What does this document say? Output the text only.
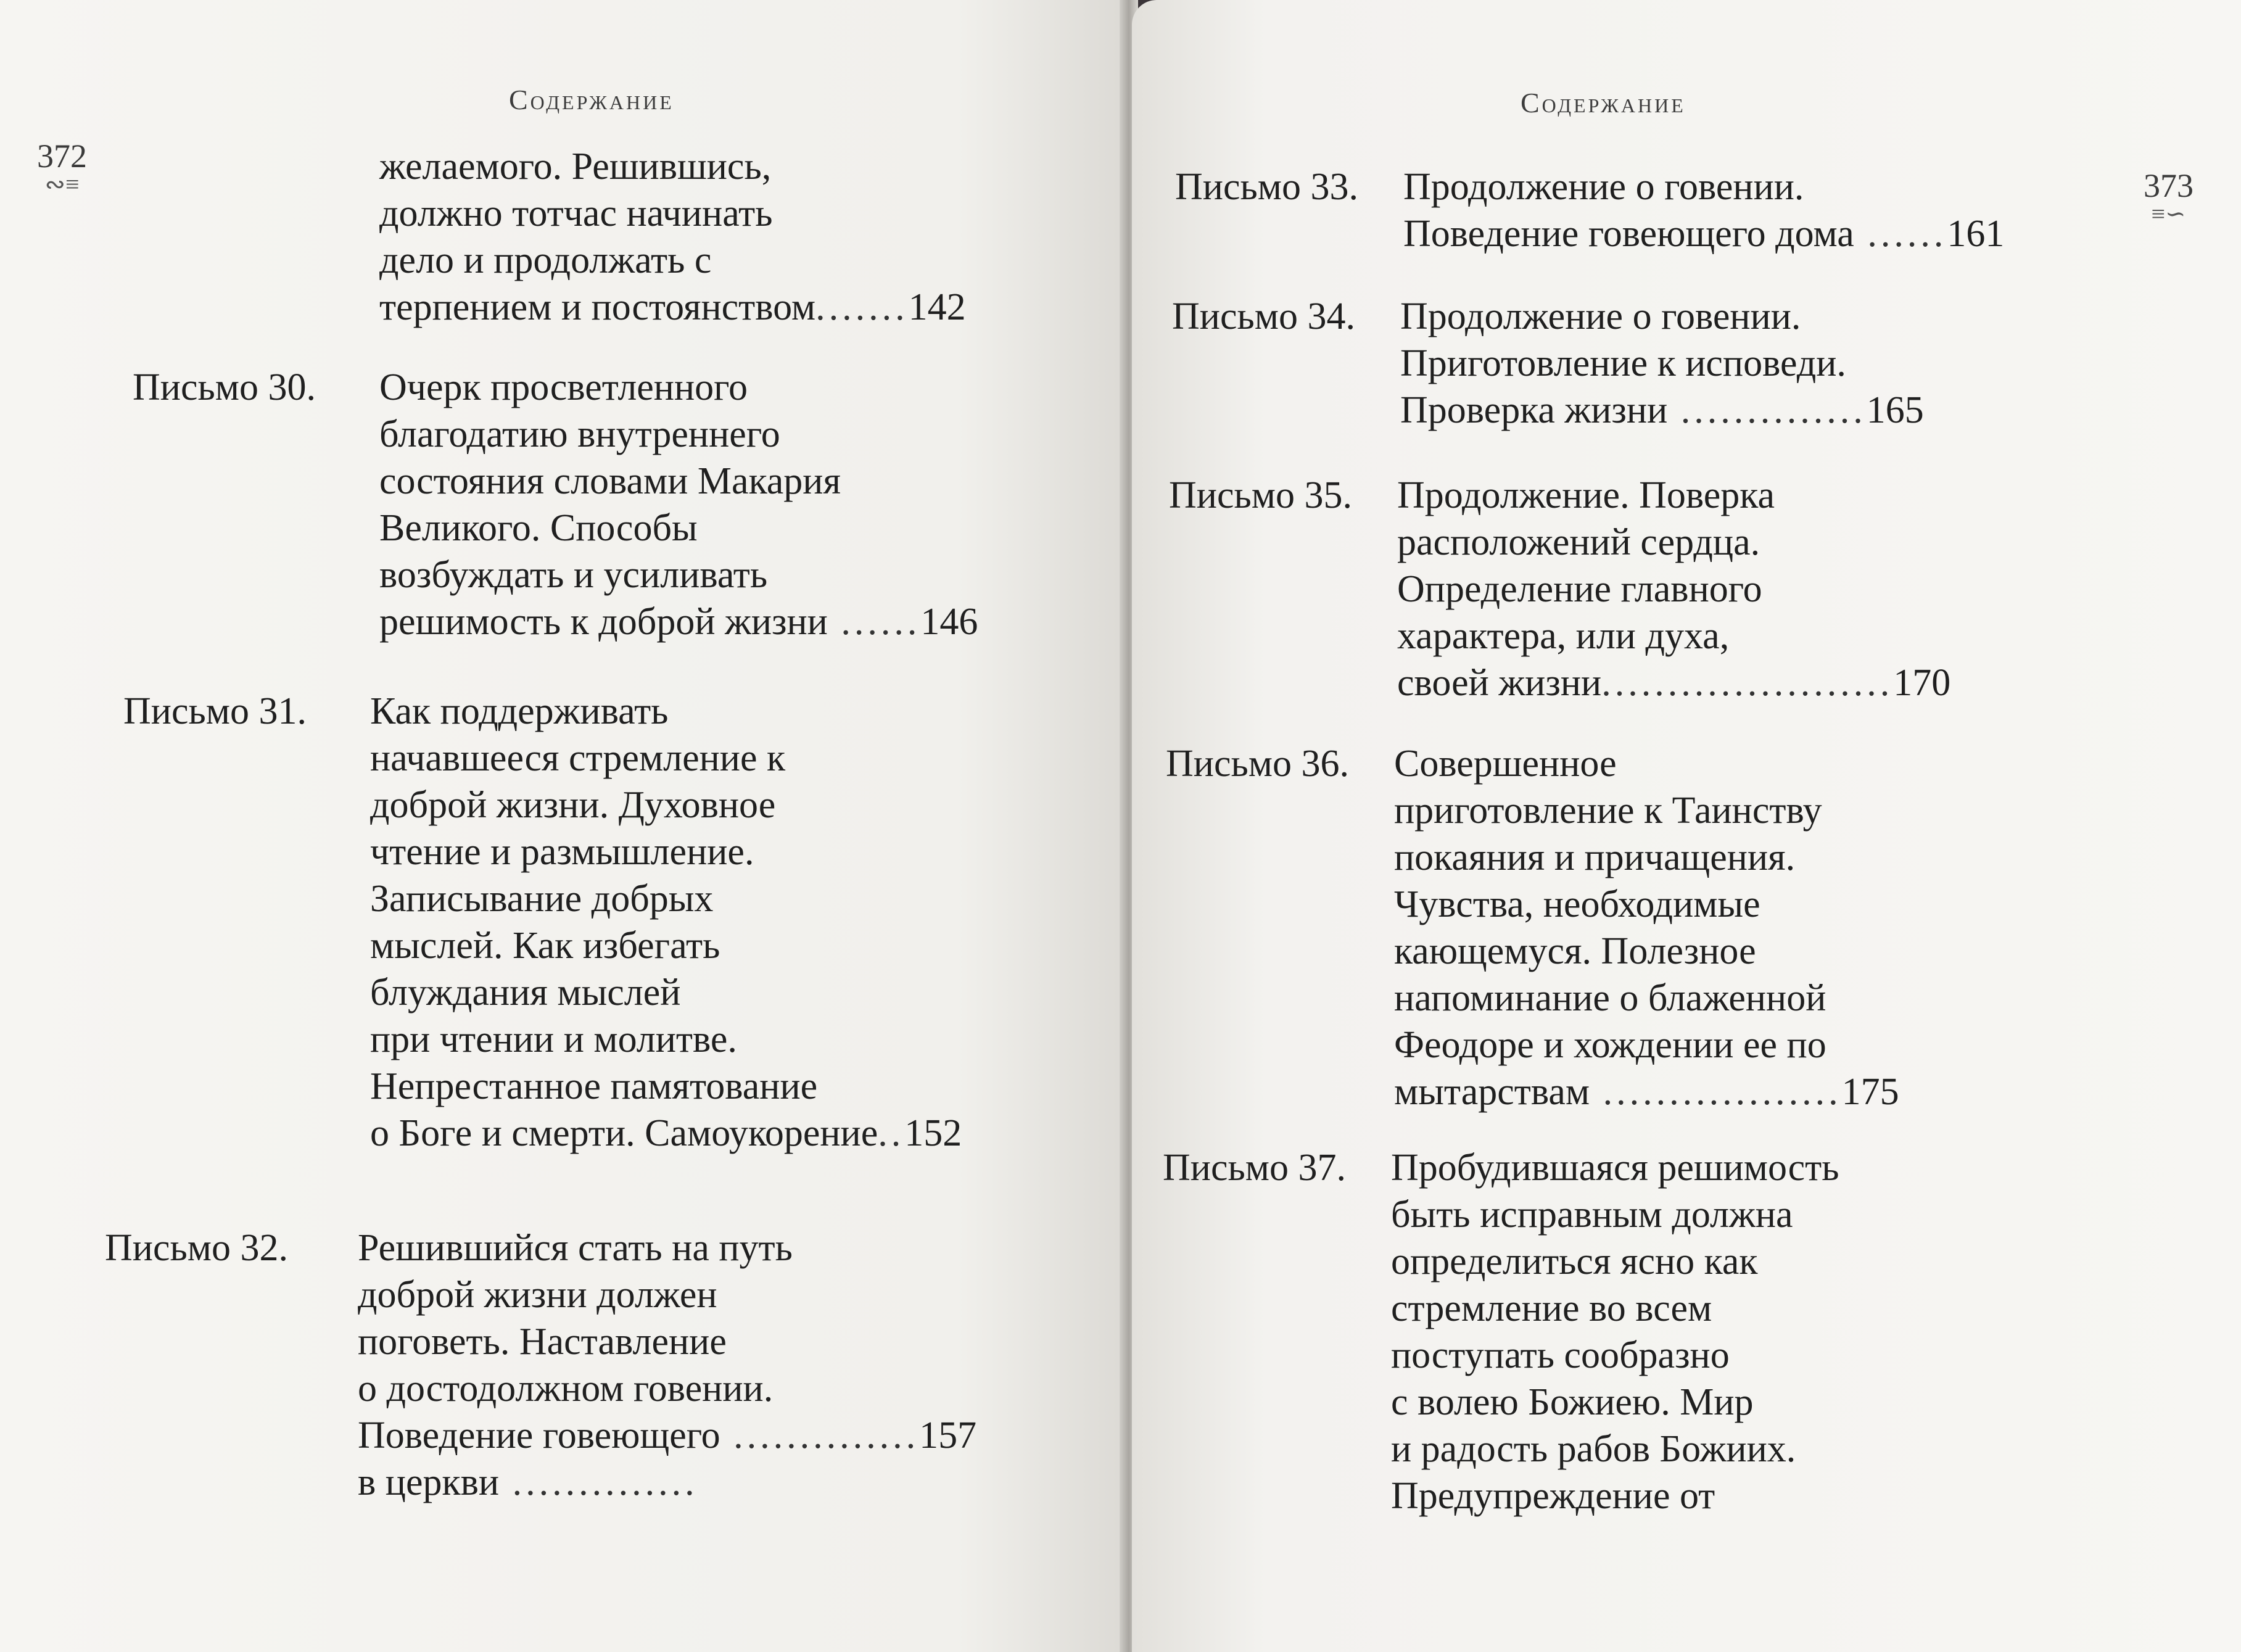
Содержание
372
∾≡	желаемого. Решившись,
должно тотчас начинать
дело и продолжать с
терпением и постоянством.......142
Письмо 30. Очерк просветленного
благодатию внутреннего
состояния словами Макария
Великого. Способы
возбуждать и усиливать
решимость к доброй жизни ......146
Письмо 31. Как поддерживать
начавшееся стремление к
доброй жизни. Духовное
чтение и размышление.
Записывание добрых
мыслей. Как избегать
блуждания мыслей
при чтении и молитве.
Непрестанное памятование
о Боге и смерти. Самоукорение..152
Письмо 32. Решившийся стать на путь
доброй жизни должен
поговеть. Наставление
о достодолжном говении.
Поведение говеющего ..............157
в церкви ..............
Содержание
373
≡∽
Письмо 33. Продолжение о говении.
Поведение говеющего дома ......161
Письмо 34. Продолжение о говении.
Приготовление к исповеди.
Проверка жизни ..............165
Письмо 35. Продолжение. Поверка
расположений сердца.
Определение главного
характера, или духа,
своей жизни......................170
Письмо 36. Совершенное
приготовление к Таинству
покаяния и причащения.
Чувства, необходимые
кающемуся. Полезное
напоминание о блаженной
Феодоре и хождении ее по
мытарствам ..................175
Письмо 37. Пробудившаяся решимость
быть исправным должна
определиться ясно как
стремление во всем
поступать сообразно
с волею Божиею. Мир
и радость рабов Божиих.
Предупреждение от
